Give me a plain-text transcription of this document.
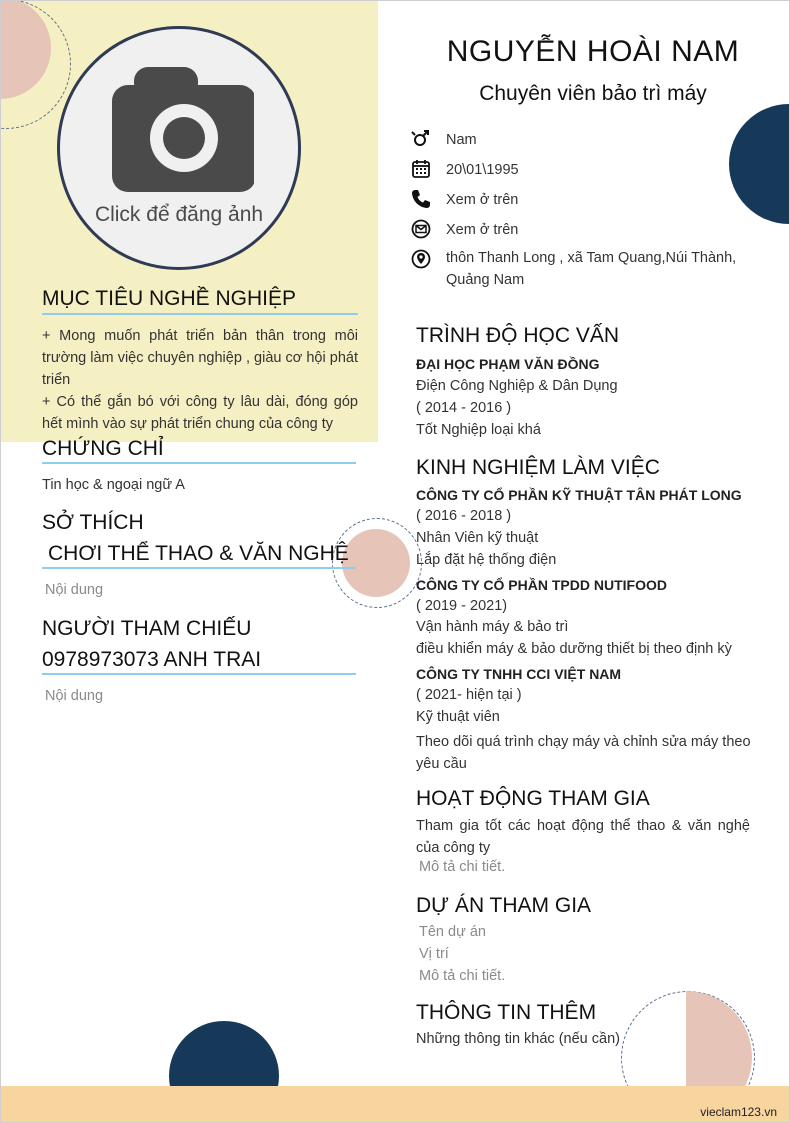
Click để đăng ảnh
NGUYỄN HOÀI NAM
Chuyên viên bảo trì máy
Nam
20\01\1995
Xem ở trên
Xem ở trên
thôn Thanh Long , xã Tam Quang,Núi Thành, Quảng Nam
MỤC TIÊU NGHỀ NGHIỆP
+ Mong muốn phát triển bản thân trong môi trường làm việc chuyên nghiệp , giàu cơ hội phát triển
+ Có thể gắn bó với công ty lâu dài, đóng góp hết mình vào sự phát triển chung của công ty
CHỨNG CHỈ
Tin học & ngoại ngữ A
SỞ THÍCH
CHƠI THỂ THAO & VĂN NGHỆ
Nội dung
NGƯỜI THAM CHIẾU
0978973073 ANH TRAI
Nội dung
TRÌNH ĐỘ HỌC VẤN
ĐẠI HỌC PHẠM VĂN ĐỒNG
Điện Công Nghiệp & Dân Dụng
( 2014 - 2016 )
Tốt Nghiệp loại khá
KINH NGHIỆM LÀM VIỆC
CÔNG TY CỔ PHẦN KỸ THUẬT TÂN PHÁT LONG
( 2016 - 2018 )
Nhân Viên kỹ thuật
Lắp đặt hệ thống điện
CÔNG TY CỔ PHẦN TPDD NUTIFOOD
( 2019 - 2021)
Vận hành máy & bảo trì
điều khiển máy & bảo dưỡng thiết bị theo định kỳ
CÔNG TY TNHH CCI VIỆT NAM
( 2021- hiện tại )
Kỹ thuật viên
Theo dõi quá trình chạy máy và chỉnh sửa máy theo yêu cầu
HOẠT ĐỘNG THAM GIA
Tham gia tốt các hoạt động thể thao & văn nghệ của công ty
Mô tả chi tiết.
DỰ ÁN THAM GIA
Tên dự án
Vị trí
Mô tả chi tiết.
THÔNG TIN THÊM
Những thông tin khác (nếu cần)
vieclam123.vn
